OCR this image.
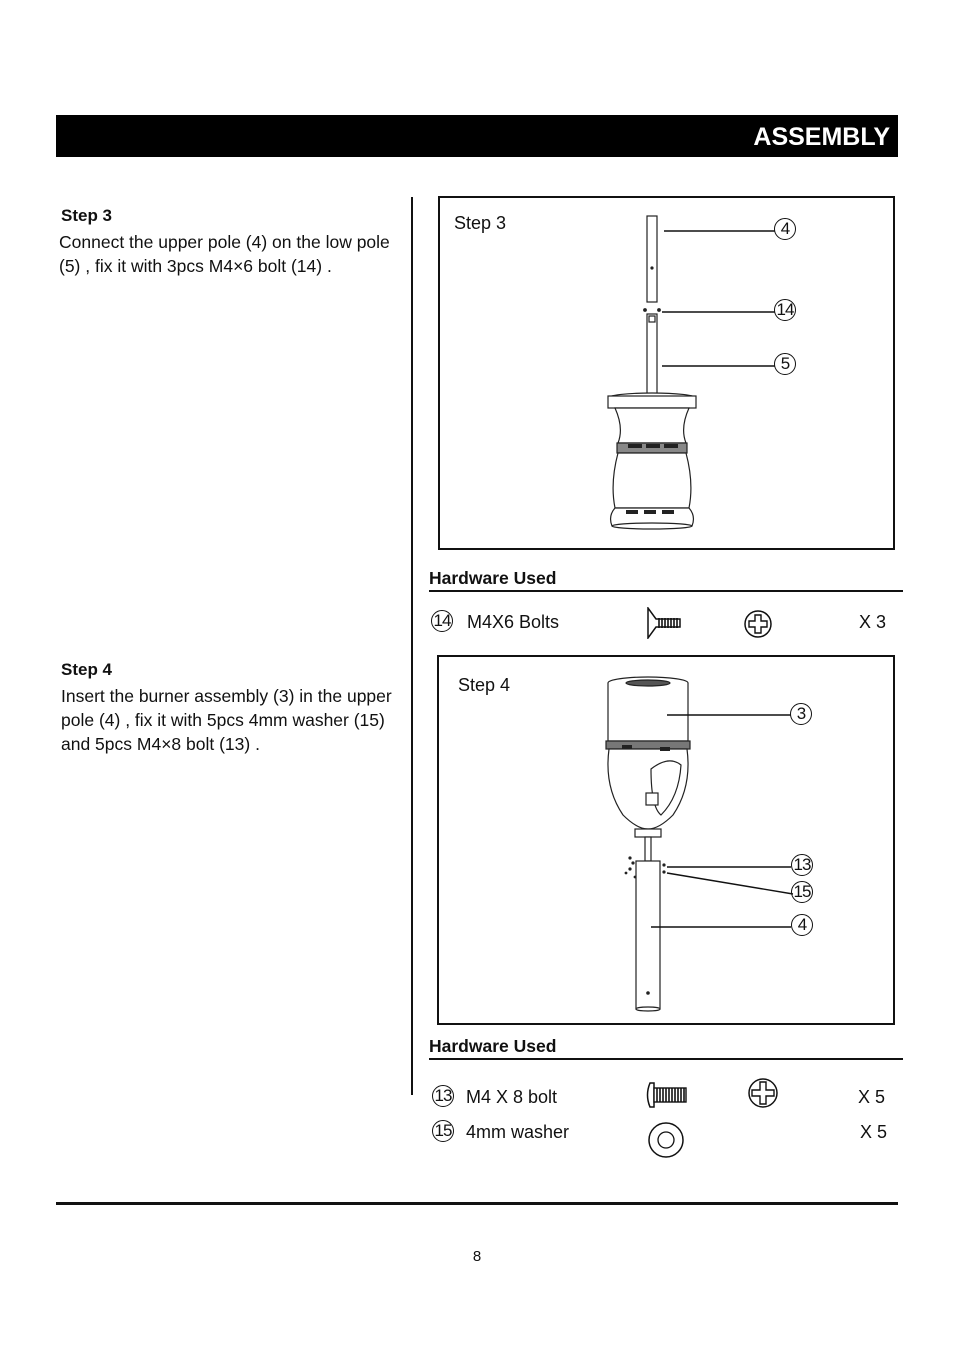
ASSEMBLY
Step 3
Connect the upper pole (4) on the low pole (5) , fix it with 3pcs M4×6 bolt (14) .
Step 3	4
14
5
Hardware Used
14 M4X6 Bolts	X 3
Step 4
Insert the burner assembly (3) in the upper pole (4) , fix it with 5pcs 4mm washer (15) and 5pcs M4×8 bolt (13) .
Step 4
3
13
15
4
Hardware Used
13 M4 X 8 bolt	X 5
15 4mm washer	X 5
8
